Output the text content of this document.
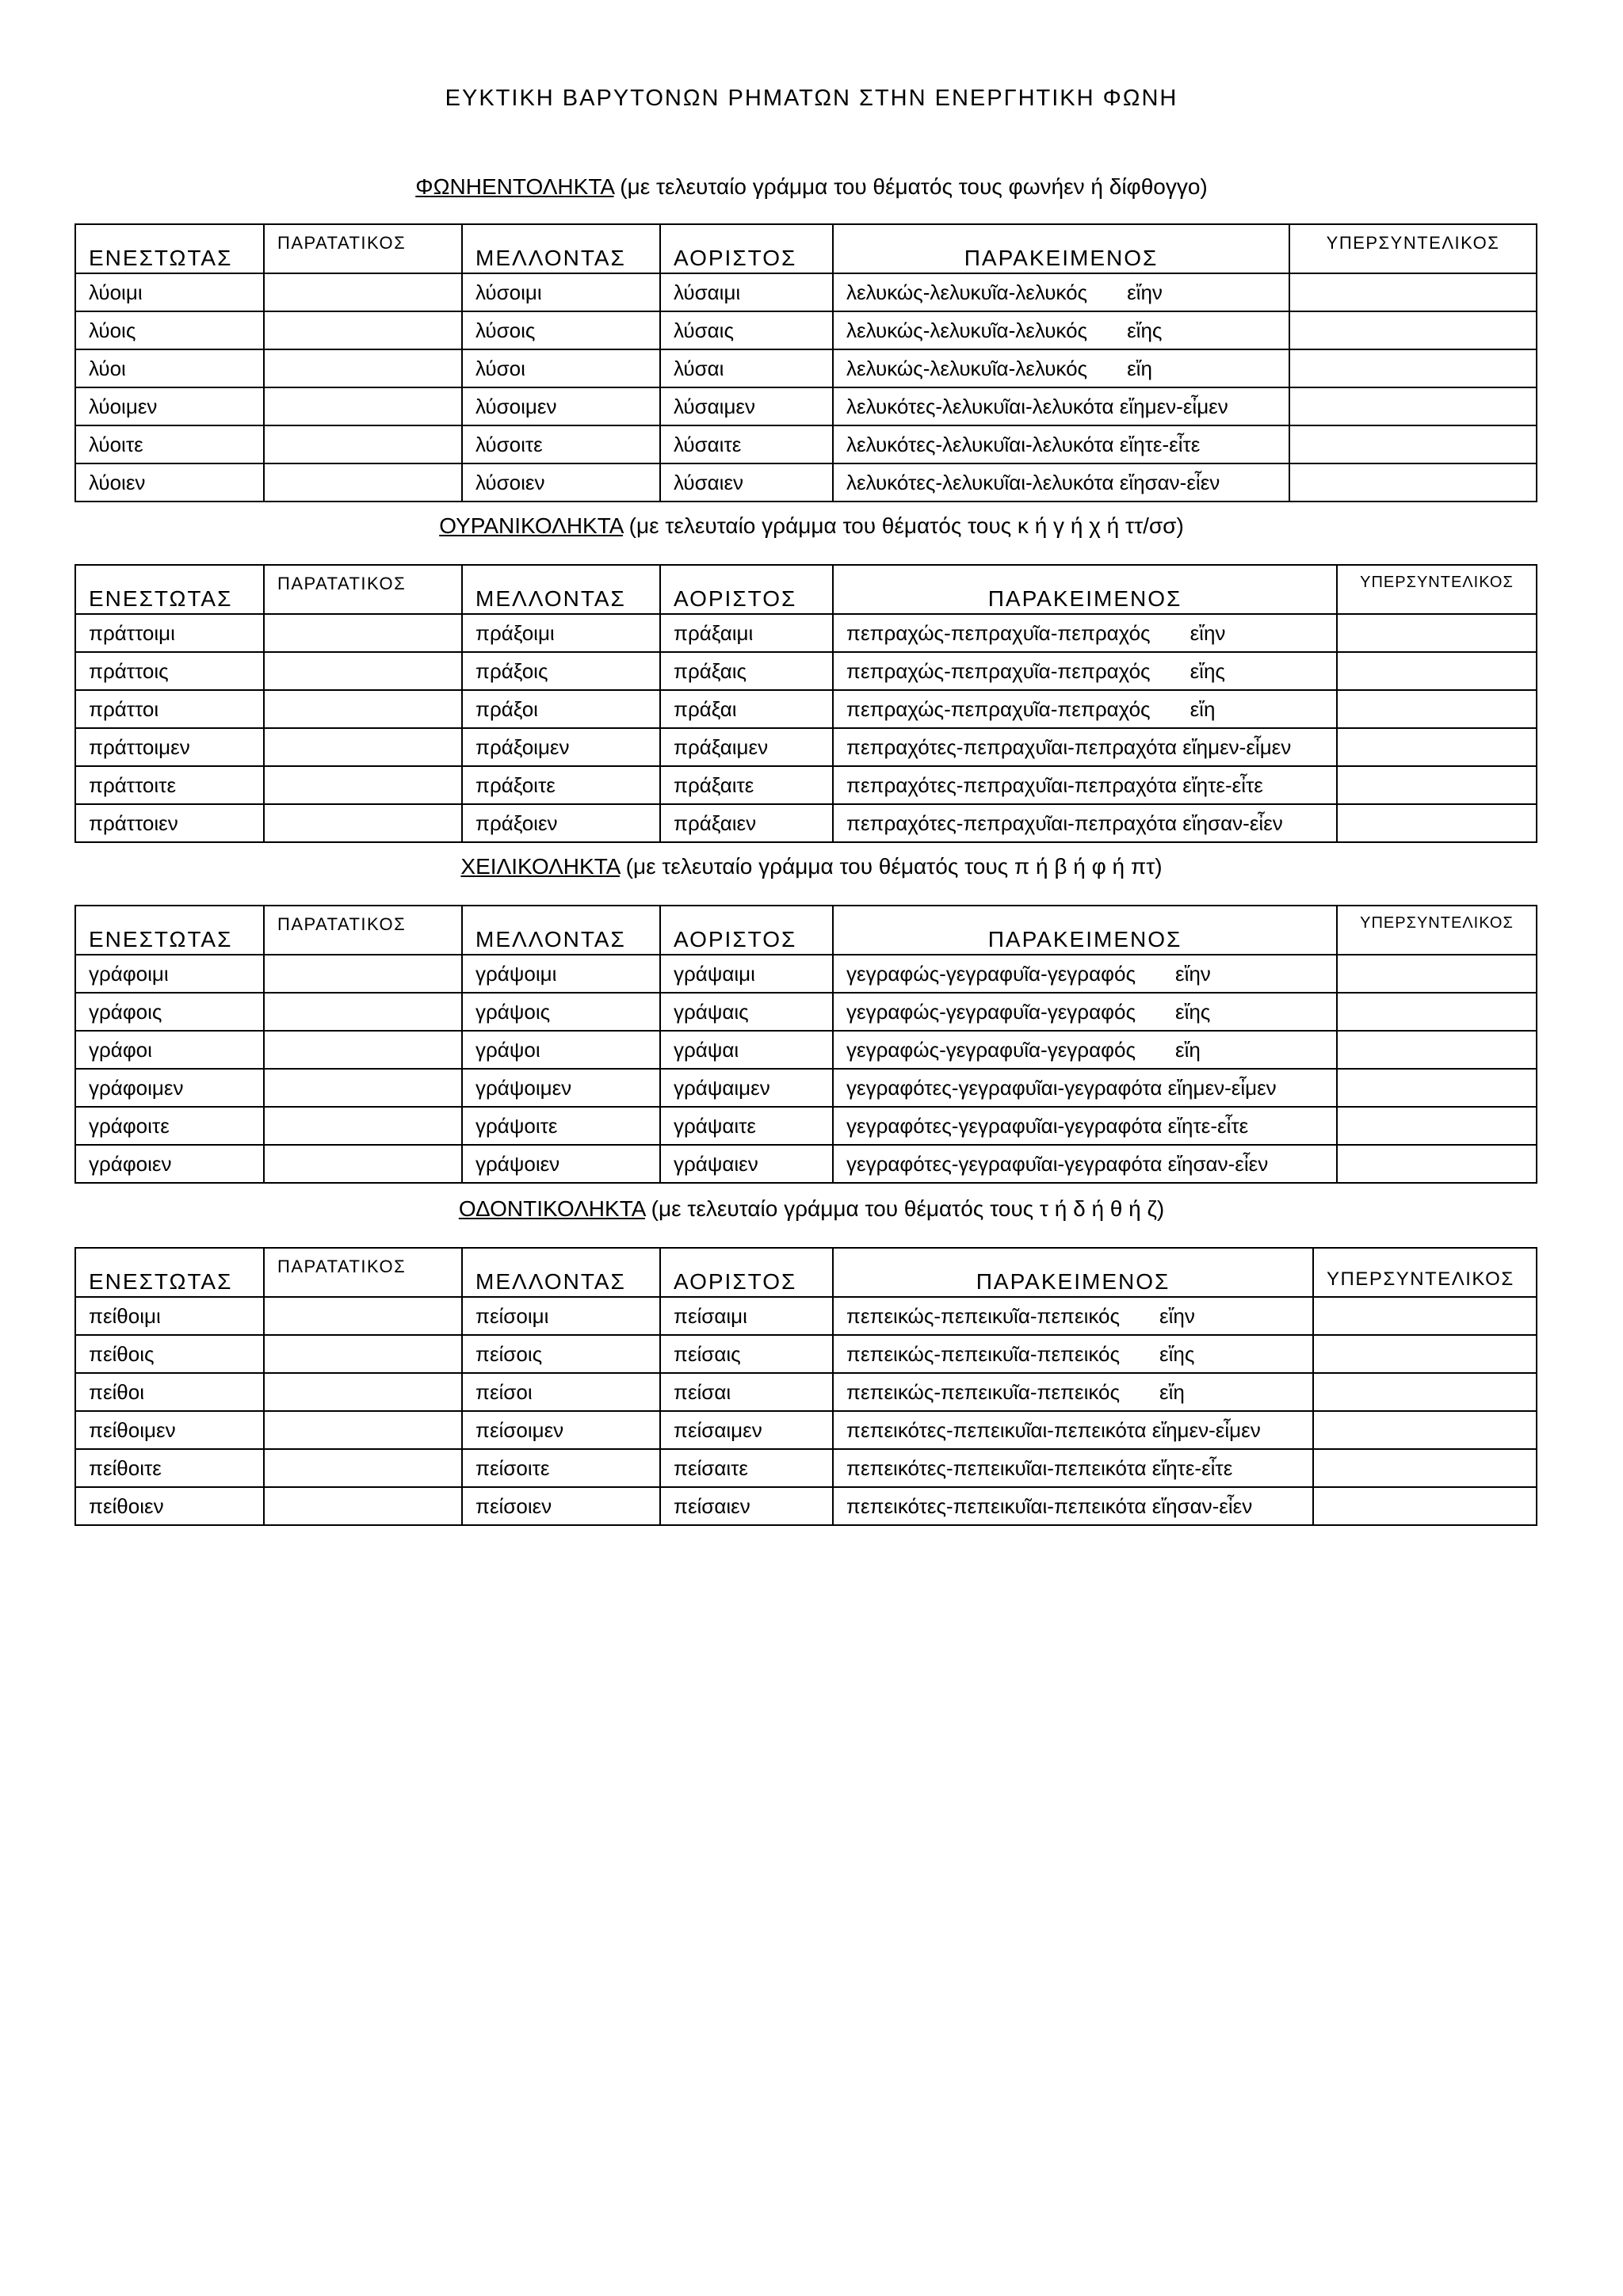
ΕΥΚΤΙΚΗ ΒΑΡΥΤΟΝΩΝ ΡΗΜΑΤΩΝ ΣΤΗΝ ΕΝΕΡΓΗΤΙΚΗ ΦΩΝΗ
ΦΩΝΗΕΝΤΟΛΗΚΤΑ (με τελευταίο γράμμα του θέματός τους φωνήεν ή δίφθογγο)
ΕΝΕΣΤΩΤΑΣ	ΠΑΡΑΤΑΤΙΚΟΣ	ΜΕΛΛΟΝΤΑΣ	ΑΟΡΙΣΤΟΣ	ΠΑΡΑΚΕΙΜΕΝΟΣ	ΥΠΕΡΣΥΝΤΕΛΙΚΟΣ
λύοιμι		λύσοιμι	λύσαιμι	λελυκώς-λελυκυῖα-λελυκός εἴην	
λύοις		λύσοις	λύσαις	λελυκώς-λελυκυῖα-λελυκός εἴης	
λύοι		λύσοι	λύσαι	λελυκώς-λελυκυῖα-λελυκός εἴη	
λύοιμεν		λύσοιμεν	λύσαιμεν	λελυκότες-λελυκυῖαι-λελυκότα εἴημεν-εἶμεν	
λύοιτε		λύσοιτε	λύσαιτε	λελυκότες-λελυκυῖαι-λελυκότα εἴητε-εἶτε	
λύοιεν		λύσοιεν	λύσαιεν	λελυκότες-λελυκυῖαι-λελυκότα εἴησαν-εἶεν	
ΟΥΡΑΝΙΚΟΛΗΚΤΑ (με τελευταίο γράμμα του θέματός τους κ ή γ ή χ ή ττ/σσ)
ΕΝΕΣΤΩΤΑΣ	ΠΑΡΑΤΑΤΙΚΟΣ	ΜΕΛΛΟΝΤΑΣ	ΑΟΡΙΣΤΟΣ	ΠΑΡΑΚΕΙΜΕΝΟΣ	ΥΠΕΡΣΥΝΤΕΛΙΚΟΣ
πράττοιμι		πράξοιμι	πράξαιμι	πεπραχώς-πεπραχυῖα-πεπραχός εἴην	
πράττοις		πράξοις	πράξαις	πεπραχώς-πεπραχυῖα-πεπραχός εἴης	
πράττοι		πράξοι	πράξαι	πεπραχώς-πεπραχυῖα-πεπραχός εἴη	
πράττοιμεν		πράξοιμεν	πράξαιμεν	πεπραχότες-πεπραχυῖαι-πεπραχότα εἴημεν-εἶμεν	
πράττοιτε		πράξοιτε	πράξαιτε	πεπραχότες-πεπραχυῖαι-πεπραχότα εἴητε-εἶτε	
πράττοιεν		πράξοιεν	πράξαιεν	πεπραχότες-πεπραχυῖαι-πεπραχότα εἴησαν-εἶεν	
ΧΕΙΛΙΚΟΛΗΚΤΑ (με τελευταίο γράμμα του θέματός τους π ή β ή φ ή πτ)
ΕΝΕΣΤΩΤΑΣ	ΠΑΡΑΤΑΤΙΚΟΣ	ΜΕΛΛΟΝΤΑΣ	ΑΟΡΙΣΤΟΣ	ΠΑΡΑΚΕΙΜΕΝΟΣ	ΥΠΕΡΣΥΝΤΕΛΙΚΟΣ
γράφοιμι		γράψοιμι	γράψαιμι	γεγραφώς-γεγραφυῖα-γεγραφός εἴην	
γράφοις		γράψοις	γράψαις	γεγραφώς-γεγραφυῖα-γεγραφός εἴης	
γράφοι		γράψοι	γράψαι	γεγραφώς-γεγραφυῖα-γεγραφός εἴη	
γράφοιμεν		γράψοιμεν	γράψαιμεν	γεγραφότες-γεγραφυῖαι-γεγραφότα εἴημεν-εἶμεν	
γράφοιτε		γράψοιτε	γράψαιτε	γεγραφότες-γεγραφυῖαι-γεγραφότα εἴητε-εἶτε	
γράφοιεν		γράψοιεν	γράψαιεν	γεγραφότες-γεγραφυῖαι-γεγραφότα εἴησαν-εἶεν	
ΟΔΟΝΤΙΚΟΛΗΚΤΑ (με τελευταίο γράμμα του θέματός τους τ ή δ ή θ ή ζ)
ΕΝΕΣΤΩΤΑΣ	ΠΑΡΑΤΑΤΙΚΟΣ	ΜΕΛΛΟΝΤΑΣ	ΑΟΡΙΣΤΟΣ	ΠΑΡΑΚΕΙΜΕΝΟΣ	ΥΠΕΡΣΥΝΤΕΛΙΚΟΣ
πείθοιμι		πείσοιμι	πείσαιμι	πεπεικώς-πεπεικυῖα-πεπεικός εἴην	
πείθοις		πείσοις	πείσαις	πεπεικώς-πεπεικυῖα-πεπεικός εἴης	
πείθοι		πείσοι	πείσαι	πεπεικώς-πεπεικυῖα-πεπεικός εἴη	
πείθοιμεν		πείσοιμεν	πείσαιμεν	πεπεικότες-πεπεικυῖαι-πεπεικότα εἴημεν-εἶμεν	
πείθοιτε		πείσοιτε	πείσαιτε	πεπεικότες-πεπεικυῖαι-πεπεικότα εἴητε-εἶτε	
πείθοιεν		πείσοιεν	πείσαιεν	πεπεικότες-πεπεικυῖαι-πεπεικότα εἴησαν-εἶεν	
